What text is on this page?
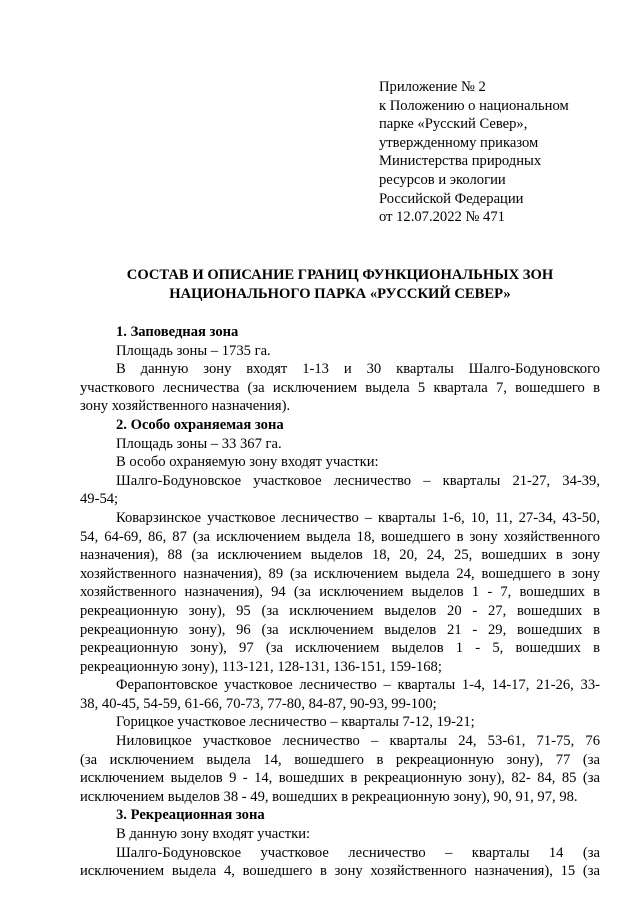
Приложение № 2
к Положению о национальном
парке «Русский Север»,
утвержденному приказом
Министерства природных
ресурсов и экологии
Российской Федерации
от 12.07.2022 № 471
СОСТАВ И ОПИСАНИЕ ГРАНИЦ ФУНКЦИОНАЛЬНЫХ ЗОН
НАЦИОНАЛЬНОГО ПАРКА «РУССКИЙ СЕВЕР»

1. Заповедная зона

Площадь зоны – 1735 га.

В данную зону входят 1-13 и 30 кварталы Шалго-Бодуновского

участкового лесничества (за исключением выдела 5 квартала 7, вошедшего в

зону хозяйственного назначения).

2. Особо охраняемая зона

Площадь зоны – 33 367 га.

В особо охраняемую зону входят участки:

Шалго-Бодуновское участковое лесничество – кварталы 21-27, 34-39,

49-54;

Коварзинское участковое лесничество – кварталы 1-6, 10, 11, 27-34, 43-50,

54, 64-69, 86, 87 (за исключением выдела 18, вошедшего в зону хозяйственного

назначения), 88 (за исключением выделов 18, 20, 24, 25, вошедших в зону

хозяйственного назначения), 89 (за исключением выдела 24, вошедшего в зону

хозяйственного назначения), 94 (за исключением выделов 1 - 7, вошедших в

рекреационную зону), 95 (за исключением выделов 20 - 27, вошедших в

рекреационную зону), 96 (за исключением выделов 21 - 29, вошедших в

рекреационную зону), 97 (за исключением выделов 1 - 5, вошедших в

рекреационную зону), 113-121, 128-131, 136-151, 159-168;

Ферапонтовское участковое лесничество – кварталы 1-4, 14-17, 21-26, 33-

38, 40-45, 54-59, 61-66, 70-73, 77-80, 84-87, 90-93, 99-100;

Горицкое участковое лесничество – кварталы 7-12, 19-21;

Ниловицкое участковое лесничество – кварталы 24, 53-61, 71-75, 76

(за исключением выдела 14, вошедшего в рекреационную зону), 77 (за

исключением выделов 9 - 14, вошедших в рекреационную зону), 82- 84, 85 (за

исключением выделов 38 - 49, вошедших в рекреационную зону), 90, 91, 97, 98.

3. Рекреационная зона

В данную зону входят участки:

Шалго-Бодуновское участковое лесничество – кварталы 14 (за

исключением выдела 4, вошедшего в зону хозяйственного назначения), 15 (за
